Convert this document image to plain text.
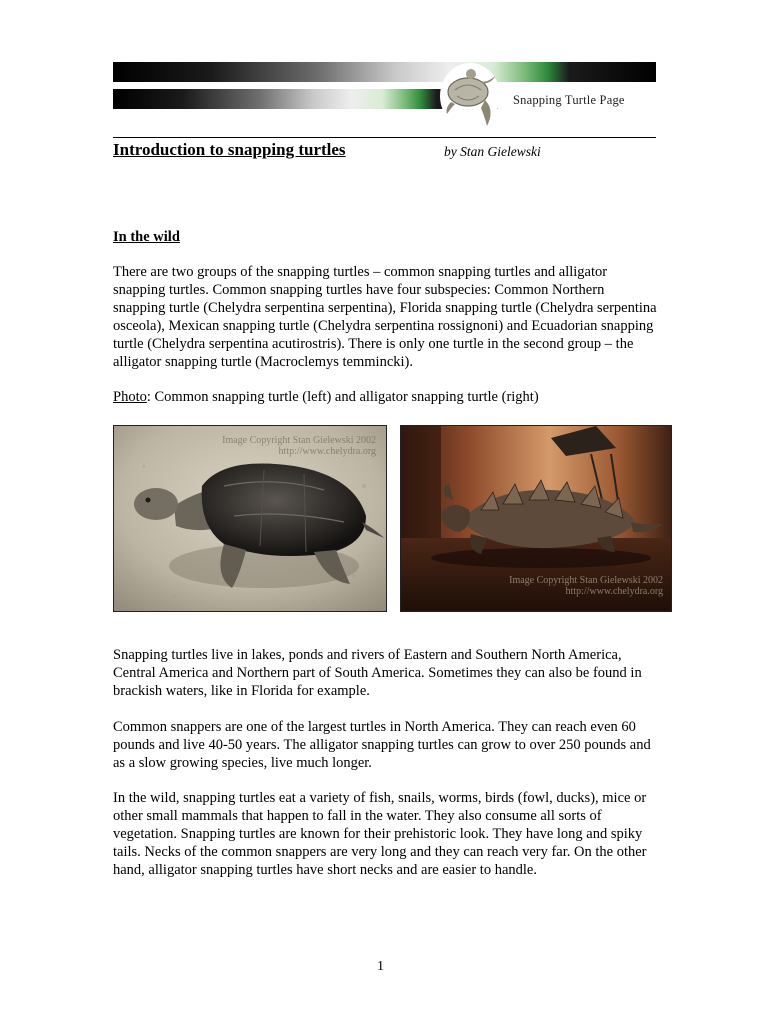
www.Chelydra.Org
Snapping Turtle Page
Introduction to snapping turtles	by Stan Gielewski
In the wild

There are two groups of the snapping turtles – common snapping turtles and alligator snapping turtles. Common snapping turtles have four subspecies: Common Northern snapping turtle (Chelydra serpentina serpentina), Florida snapping turtle (Chelydra serpentina osceola), Mexican snapping turtle (Chelydra serpentina rossignoni) and Ecuadorian snapping turtle (Chelydra serpentina acutirostris). There is only one turtle in the second group – the alligator snapping turtle (Macroclemys temmincki).

Photo: Common snapping turtle (left) and alligator snapping turtle (right)

Image Copyright Stan Gielewski 2002
http://www.chelydra.org
Image Copyright Stan Gielewski 2002
http://www.chelydra.org

Snapping turtles live in lakes, ponds and rivers of Eastern and Southern North America, Central America and Northern part of South America. Sometimes they can also be found in brackish waters, like in Florida for example.

Common snappers are one of the largest turtles in North America. They can reach even 60 pounds and live 40-50 years. The alligator snapping turtles can grow to over 250 pounds and as a slow growing species, live much longer.

In the wild, snapping turtles eat a variety of fish, snails, worms, birds (fowl, ducks), mice or other small mammals that happen to fall in the water. They also consume all sorts of vegetation. Snapping turtles are known for their prehistoric look. They have long and spiky tails. Necks of the common snappers are very long and they can reach very far. On the other hand, alligator snapping turtles have short necks and are easier to handle.

1
